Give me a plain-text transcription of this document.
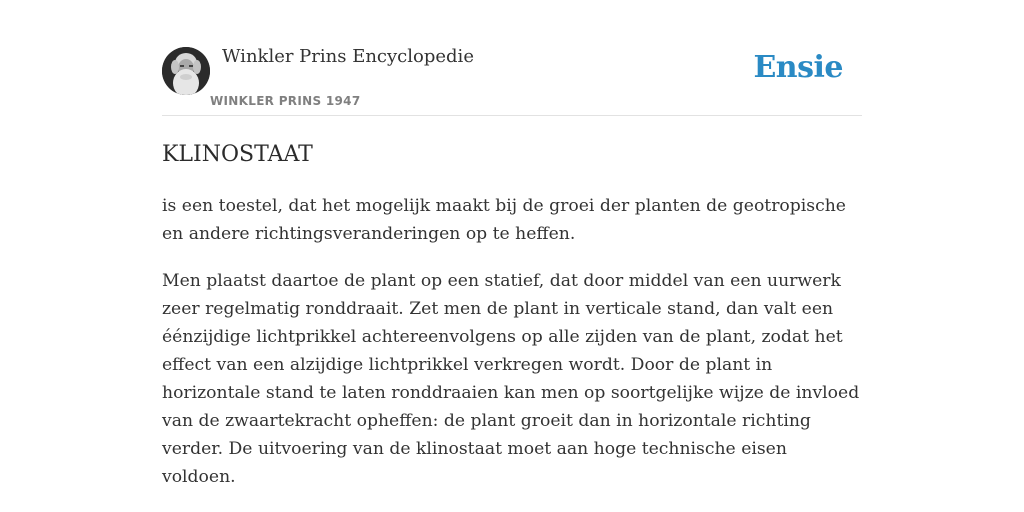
Winkler Prins Encyclopedie
WINKLER PRINS 1947
Ensie
KLINOSTAAT

is een toestel, dat het mogelijk maakt bij de groei der planten de geotropische en andere richtingsveranderingen op te heffen.

Men plaatst daartoe de plant op een statief, dat door middel van een uurwerk zeer regelmatig ronddraait. Zet men de plant in verticale stand, dan valt een éénzijdige lichtprikkel achtereenvolgens op alle zijden van de plant, zodat het effect van een alzijdige lichtprikkel verkregen wordt. Door de plant in horizontale stand te laten ronddraaien kan men op soortgelijke wijze de invloed van de zwaartekracht opheffen: de plant groeit dan in horizontale richting verder. De uitvoering van de klinostaat moet aan hoge technische eisen voldoen.
